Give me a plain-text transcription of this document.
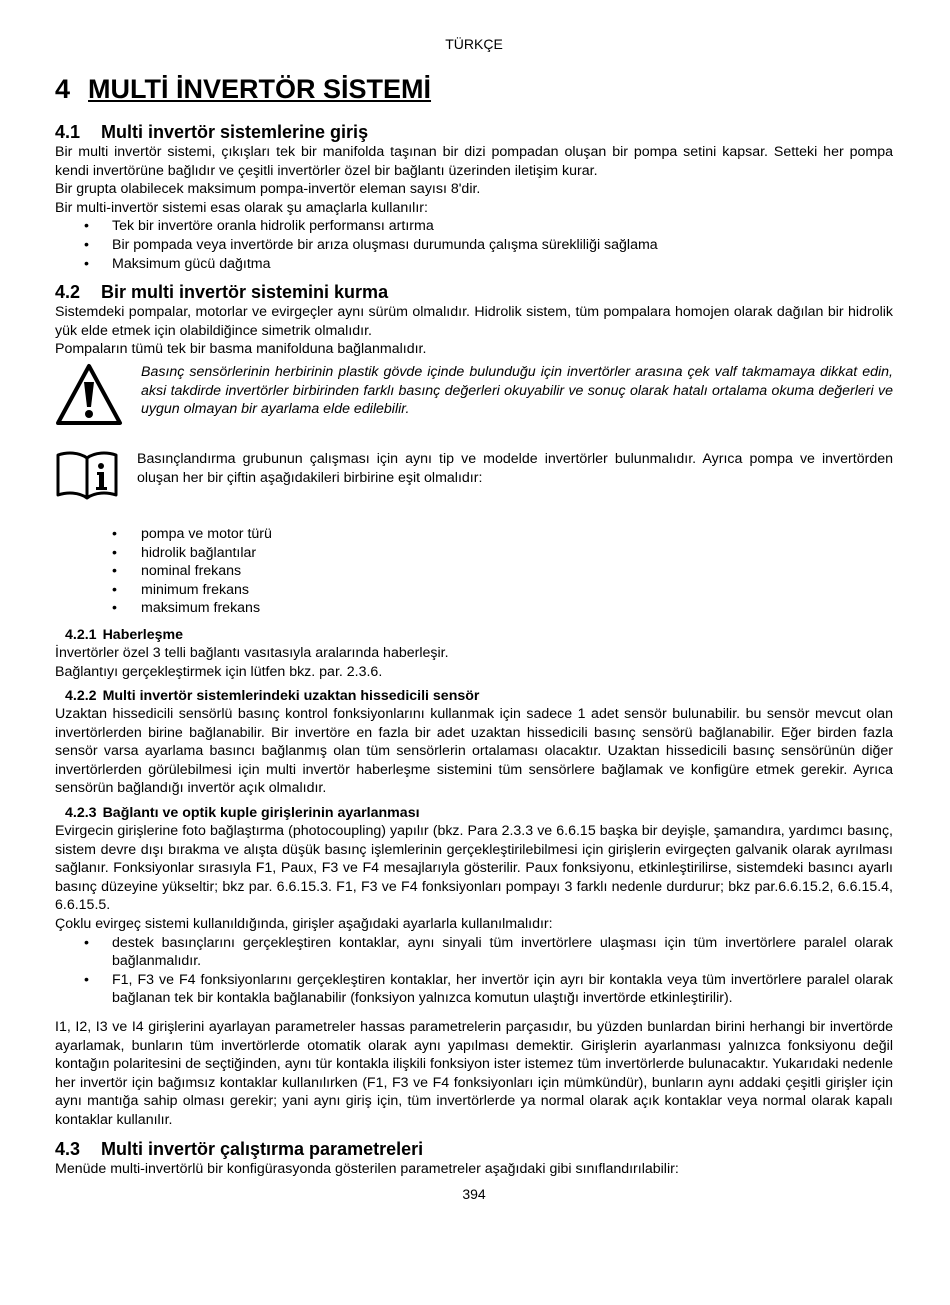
TÜRKÇE
4 MULTİ İNVERTÖR SİSTEMİ
4.1 Multi invertör sistemlerine giriş

Bir multi invertör sistemi, çıkışları tek bir manifolda taşınan bir dizi pompadan oluşan bir pompa setini kapsar. Setteki her pompa kendi invertörüne bağlıdır ve çeşitli invertörler özel bir bağlantı üzerinden iletişim kurar.

Bir grupta olabilecek maksimum pompa-invertör eleman sayısı 8'dir.

Bir multi-invertör sistemi esas olarak şu amaçlarla kullanılır:

• Tek bir invertöre oranla hidrolik performansı artırma
• Bir pompada veya invertörde bir arıza oluşması durumunda çalışma sürekliliği sağlama
• Maksimum gücü dağıtma
4.2 Bir multi invertör sistemini kurma

Sistemdeki pompalar, motorlar ve evirgeçler aynı sürüm olmalıdır. Hidrolik sistem, tüm pompalara homojen olarak dağılan bir hidrolik yük elde etmek için olabildiğince simetrik olmalıdır.

Pompaların tümü tek bir basma manifolduna bağlanmalıdır.

Basınç sensörlerinin herbirinin plastik gövde içinde bulunduğu için invertörler arasına çek valf takmamaya dikkat edin, aksi takdirde invertörler birbirinden farklı basınç değerleri okuyabilir ve sonuç olarak hatalı ortalama okuma değerleri ve uygun olmayan bir ayarlama elde edilebilir.

Basınçlandırma grubunun çalışması için aynı tip ve modelde invertörler bulunmalıdır. Ayrıca pompa ve invertörden oluşan her bir çiftin aşağıdakileri birbirine eşit olmalıdır:

• pompa ve motor türü
• hidrolik bağlantılar
• nominal frekans
• minimum frekans
• maksimum frekans
4.2.1 Haberleşme

İnvertörler özel 3 telli bağlantı vasıtasıyla aralarında haberleşir.

Bağlantıyı gerçekleştirmek için lütfen bkz. par. 2.3.6.

4.2.2 Multi invertör sistemlerindeki uzaktan hissedicili sensör

Uzaktan hissedicili sensörlü basınç kontrol fonksiyonlarını kullanmak için sadece 1 adet sensör bulunabilir. bu sensör mevcut olan invertörlerden birine bağlanabilir. Bir invertöre en fazla bir adet uzaktan hissedicili basınç sensörü bağlanabilir. Eğer birden fazla sensör varsa ayarlama basıncı bağlanmış olan tüm sensörlerin ortalaması olacaktır. Uzaktan hissedicili basınç sensörünün diğer invertörlerden görülebilmesi için multi invertör haberleşme sistemini tüm sensörlere bağlamak ve konfigüre etmek gerekir. Ayrıca sensörün bağlandığı invertör açık olmalıdır.

4.2.3 Bağlantı ve optik kuple girişlerinin ayarlanması

Evirgecin girişlerine foto bağlaştırma (photocoupling) yapılır (bkz. Para 2.3.3 ve 6.6.15 başka bir deyişle, şamandıra, yardımcı basınç, sistem devre dışı bırakma ve alışta düşük basınç işlemlerinin gerçekleştirilebilmesi için girişlerin evirgeçten galvanik olarak ayrılması sağlanır. Fonksiyonlar sırasıyla F1, Paux, F3 ve F4 mesajlarıyla gösterilir. Paux fonksiyonu, etkinleştirilirse, sistemdeki basıncı ayarlı basınç düzeyine yükseltir; bkz par. 6.6.15.3. F1, F3 ve F4 fonksiyonları pompayı 3 farklı nedenle durdurur; bkz par.6.6.15.2, 6.6.15.4, 6.6.15.5.

Çoklu evirgeç sistemi kullanıldığında, girişler aşağıdaki ayarlarla kullanılmalıdır:

• destek basınçlarını gerçekleştiren kontaklar, aynı sinyali tüm invertörlere ulaşması için tüm invertörlere paralel olarak bağlanmalıdır.
• F1, F3 ve F4 fonksiyonlarını gerçekleştiren kontaklar, her invertör için ayrı bir kontakla veya tüm invertörlere paralel olarak bağlanan tek bir kontakla bağlanabilir (fonksiyon yalnızca komutun ulaştığı invertörde etkinleştirilir).

I1, I2, I3 ve I4 girişlerini ayarlayan parametreler hassas parametrelerin parçasıdır, bu yüzden bunlardan birini herhangi bir invertörde ayarlamak, bunların tüm invertörlerde otomatik olarak aynı yapılması demektir. Girişlerin ayarlanması yalnızca fonksiyonu değil kontağın polaritesini de seçtiğinden, aynı tür kontakla ilişkili fonksiyon ister istemez tüm invertörlerde bulunacaktır. Yukarıdaki nedenle her invertör için bağımsız kontaklar kullanılırken (F1, F3 ve F4 fonksiyonları için mümkündür), bunların aynı addaki çeşitli girişler için aynı mantığa sahip olması gerekir; yani aynı giriş için, tüm invertörlerde ya normal olarak açık kontaklar veya normal olarak kapalı kontaklar kullanılır.

4.3 Multi invertör çalıştırma parametreleri

Menüde multi-invertörlü bir konfigürasyonda gösterilen parametreler aşağıdaki gibi sınıflandırılabilir:

394
